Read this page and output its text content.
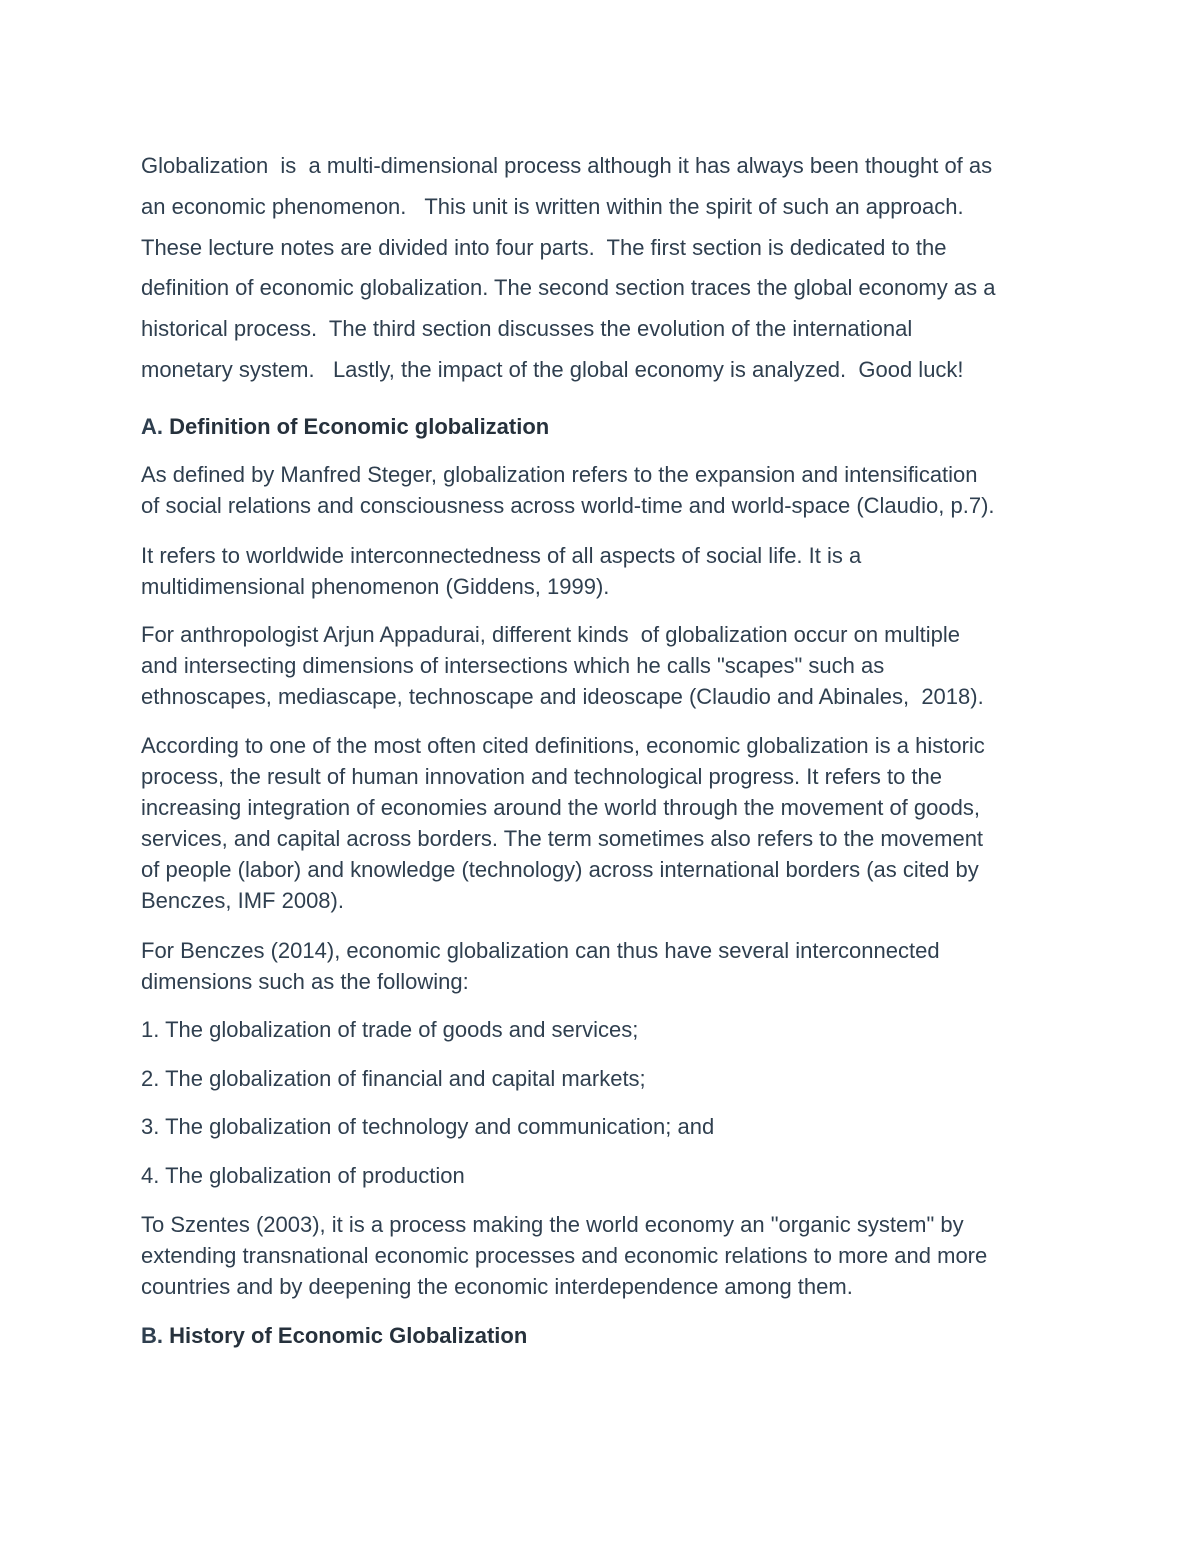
Globalization  is  a multi-dimensional process although it has always been thought of as
an economic phenomenon.   This unit is written within the spirit of such an approach.
These lecture notes are divided into four parts.  The first section is dedicated to the
definition of economic globalization. The second section traces the global economy as a
historical process.  The third section discusses the evolution of the international
monetary system.   Lastly, the impact of the global economy is analyzed.  Good luck!

A. Definition of Economic globalization

As defined by Manfred Steger, globalization refers to the expansion and intensification
of social relations and consciousness across world-time and world-space (Claudio, p.7).

It refers to worldwide interconnectedness of all aspects of social life. It is a
multidimensional phenomenon (Giddens, 1999).

For anthropologist Arjun Appadurai, different kinds  of globalization occur on multiple
and intersecting dimensions of intersections which he calls "scapes" such as
ethnoscapes, mediascape, technoscape and ideoscape (Claudio and Abinales,  2018).

According to one of the most often cited definitions, economic globalization is a historic
process, the result of human innovation and technological progress. It refers to the
increasing integration of economies around the world through the movement of goods,
services, and capital across borders. The term sometimes also refers to the movement
of people (labor) and knowledge (technology) across international borders (as cited by
Benczes, IMF 2008).

For Benczes (2014), economic globalization can thus have several interconnected
dimensions such as the following:

1. The globalization of trade of goods and services;

2. The globalization of financial and capital markets;

3. The globalization of technology and communication; and

4. The globalization of production

To Szentes (2003), it is a process making the world economy an "organic system" by
extending transnational economic processes and economic relations to more and more
countries and by deepening the economic interdependence among them.

B. History of Economic Globalization
